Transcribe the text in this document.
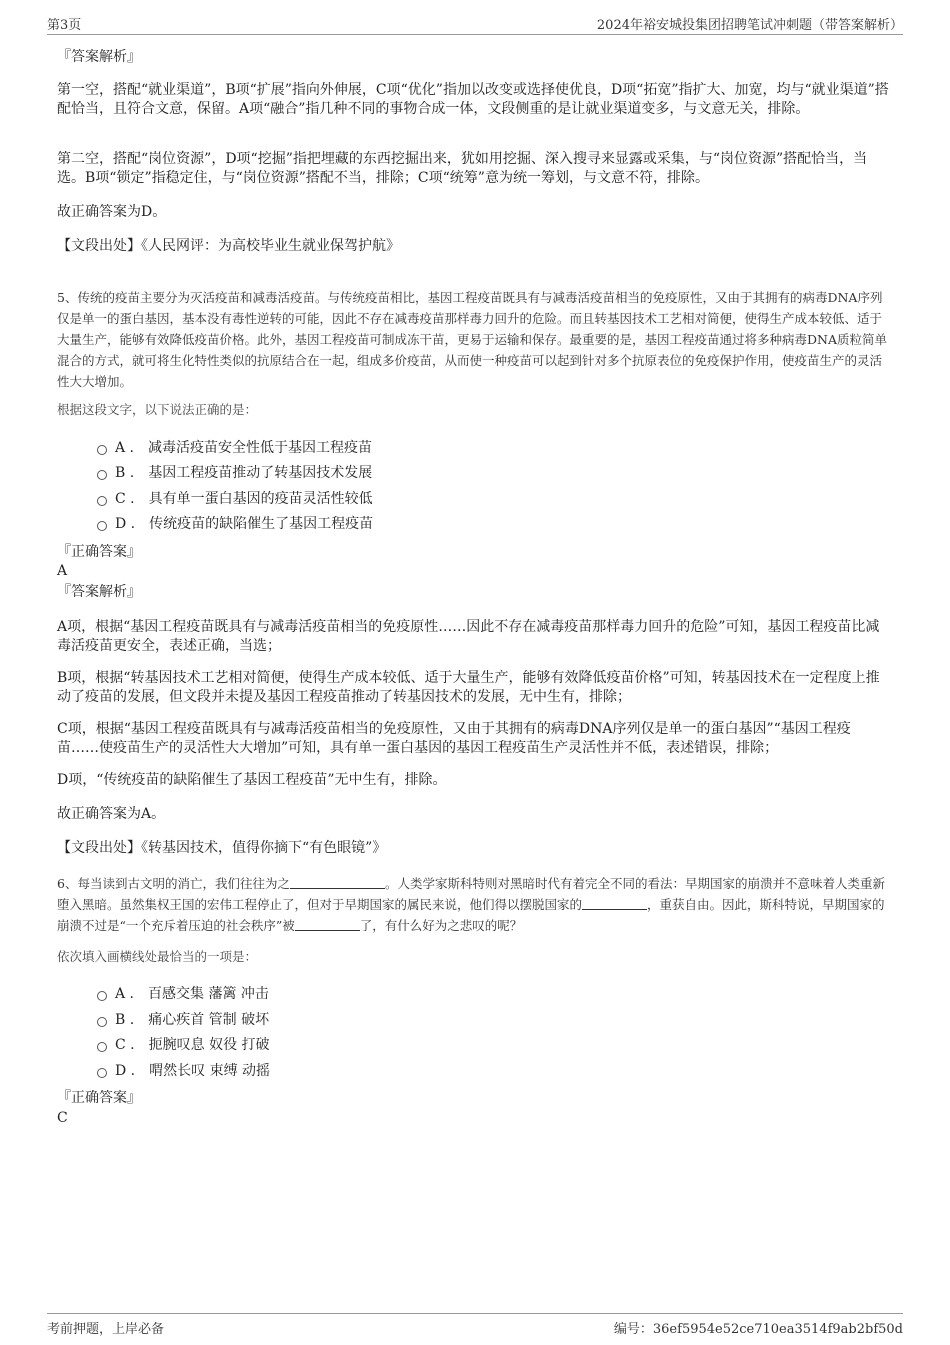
第3页	2024年裕安城投集团招聘笔试冲刺题（带答案解析）
『答案解析』
第一空，搭配“就业渠道”，B项“扩展”指向外伸展，C项“优化”指加以改变或选择使优良，D项“拓宽”指扩大、加宽，均与“就业渠道”搭配恰当，且符合文意，保留。A项“融合”指几种不同的事物合成一体，文段侧重的是让就业渠道变多，与文意无关，排除。
第二空，搭配“岗位资源”，D项“挖掘”指把埋藏的东西挖掘出来，犹如用挖掘、深入搜寻来显露或采集，与“岗位资源”搭配恰当，当选。B项“锁定”指稳定住，与“岗位资源”搭配不当，排除；C项“统筹”意为统一筹划，与文意不符，排除。
故正确答案为D。
【文段出处】《人民网评：为高校毕业生就业保驾护航》
5、传统的疫苗主要分为灭活疫苗和减毒活疫苗。与传统疫苗相比，基因工程疫苗既具有与减毒活疫苗相当的免疫原性，又由于其拥有的病毒DNA序列仅是单一的蛋白基因，基本没有毒性逆转的可能，因此不存在减毒疫苗那样毒力回升的危险。而且转基因技术工艺相对简便，使得生产成本较低、适于大量生产，能够有效降低疫苗价格。此外，基因工程疫苗可制成冻干苗，更易于运输和保存。最重要的是，基因工程疫苗通过将多种病毒DNA质粒简单混合的方式，就可将生化特性类似的抗原结合在一起，组成多价疫苗，从而使一种疫苗可以起到针对多个抗原表位的免疫保护作用，使疫苗生产的灵活性大大增加。
根据这段文字，以下说法正确的是：
A . 减毒活疫苗安全性低于基因工程疫苗
B . 基因工程疫苗推动了转基因技术发展
C . 具有单一蛋白基因的疫苗灵活性较低
D . 传统疫苗的缺陷催生了基因工程疫苗
『正确答案』
A
『答案解析』
A项，根据“基因工程疫苗既具有与减毒活疫苗相当的免疫原性……因此不存在减毒疫苗那样毒力回升的危险”可知，基因工程疫苗比减毒活疫苗更安全，表述正确，当选；
B项，根据“转基因技术工艺相对简便，使得生产成本较低、适于大量生产，能够有效降低疫苗价格”可知，转基因技术在一定程度上推动了疫苗的发展，但文段并未提及基因工程疫苗推动了转基因技术的发展，无中生有，排除；
C项，根据“基因工程疫苗既具有与减毒活疫苗相当的免疫原性，又由于其拥有的病毒DNA序列仅是单一的蛋白基因”“基因工程疫苗……使疫苗生产的灵活性大大增加”可知，具有单一蛋白基因的基因工程疫苗生产灵活性并不低，表述错误，排除；
D项，“传统疫苗的缺陷催生了基因工程疫苗”无中生有，排除。
故正确答案为A。
【文段出处】《转基因技术，值得你摘下“有色眼镜”》
6、每当读到古文明的消亡，我们往往为之	。人类学家斯科特则对黑暗时代有着完全不同的看法：早期国家的崩溃并不意味着人类重新堕入黑暗。虽然集权王国的宏伟工程停止了，但对于早期国家的属民来说，他们得以摆脱国家的	，重获自由。因此，斯科特说，早期国家的崩溃不过是“一个充斥着压迫的社会秩序”被	了，有什么好为之悲叹的呢？
依次填入画横线处最恰当的一项是：
A . 百感交集 藩篱 冲击
B . 痛心疾首 管制 破坏
C . 扼腕叹息 奴役 打破
D . 喟然长叹 束缚 动摇
『正确答案』
C
考前押题，上岸必备	编号：36ef5954e52ce710ea3514f9ab2bf50d
